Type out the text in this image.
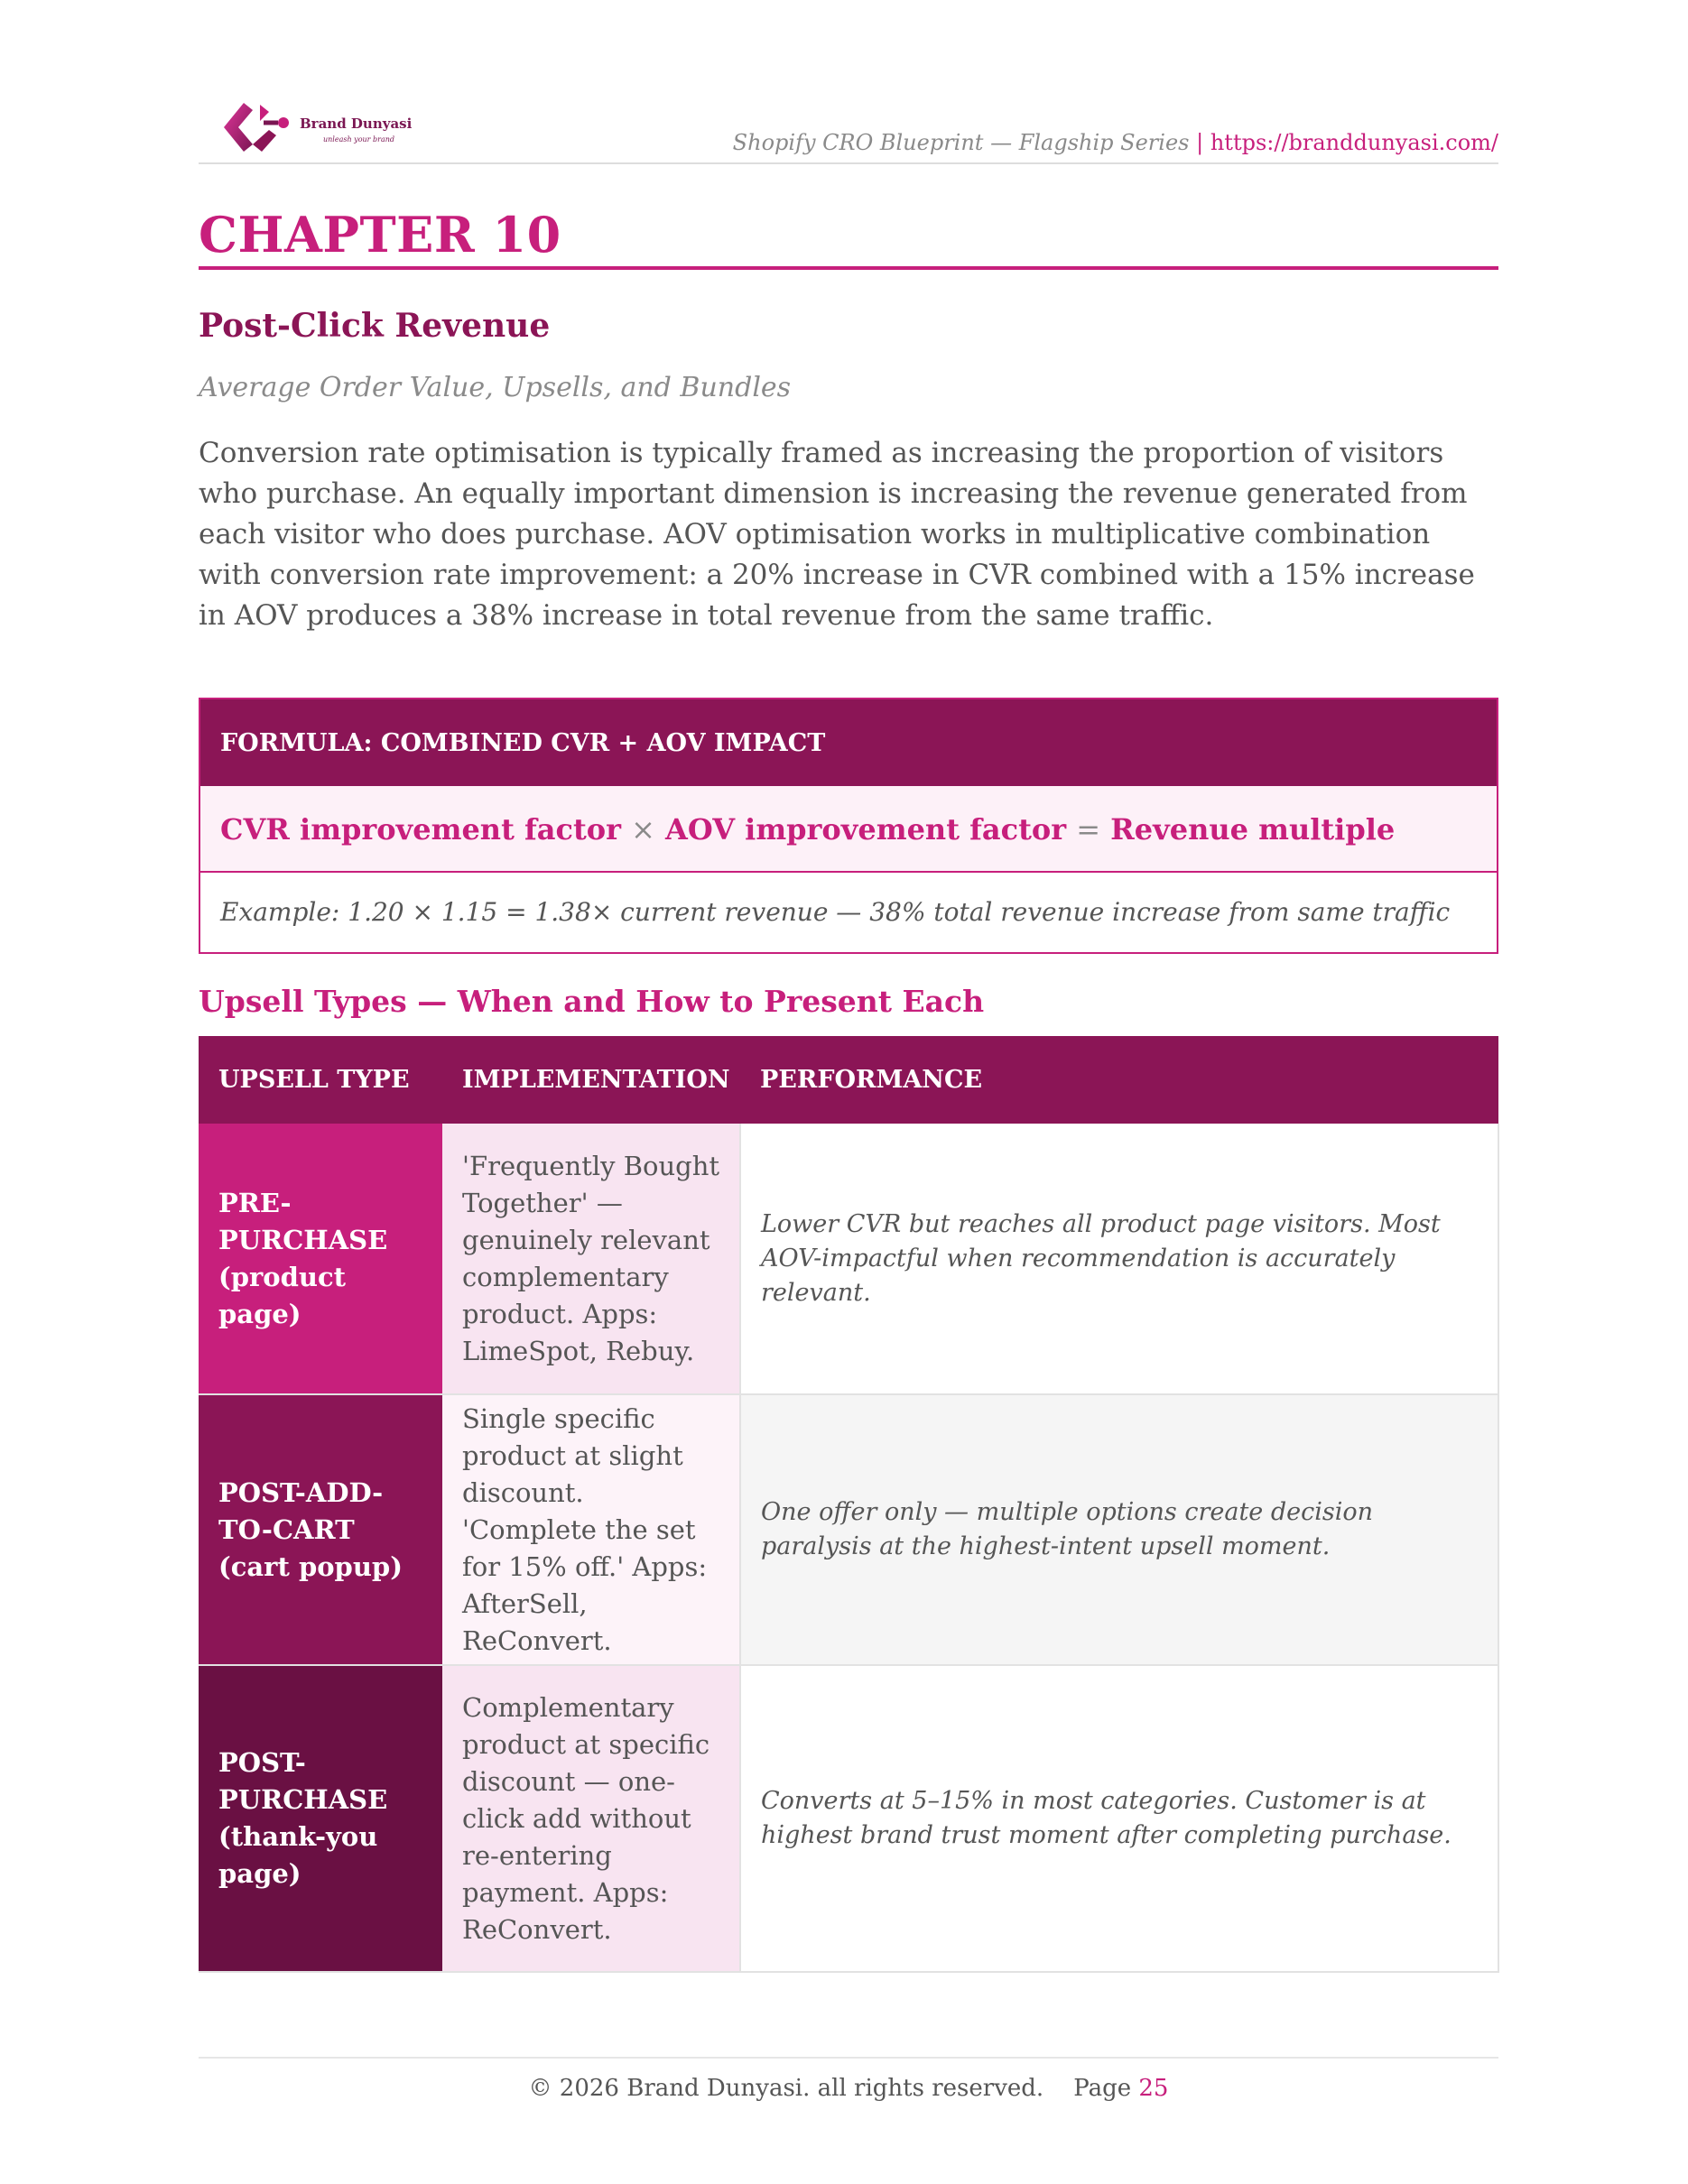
Brand Dunyasi
unleash your brand	Shopify CRO Blueprint — Flagship Series | https://branddunyasi.com/
CHAPTER 10
Post-Click Revenue
Average Order Value, Upsells, and Bundles
Conversion rate optimisation is typically framed as increasing the proportion of visitors who purchase. An equally important dimension is increasing the revenue generated from each visitor who does purchase. AOV optimisation works in multiplicative combination with conversion rate improvement: a 20% increase in CVR combined with a 15% increase in AOV produces a 38% increase in total revenue from the same traffic.
FORMULA: COMBINED CVR + AOV IMPACT
CVR improvement factor × AOV improvement factor = Revenue multiple
Example: 1.20 × 1.15 = 1.38× current revenue — 38% total revenue increase from same traffic
Upsell Types — When and How to Present Each
UPSELL TYPE	IMPLEMENTATION	PERFORMANCE
PRE-PURCHASE (product page)	'Frequently Bought Together' — genuinely relevant complementary product. Apps: LimeSpot, Rebuy.	Lower CVR but reaches all product page visitors. Most AOV-impactful when recommendation is accurately relevant.
POST-ADD-TO-CART (cart popup)	Single specific product at slight discount. 'Complete the set for 15% off.' Apps: AfterSell, ReConvert.	One offer only — multiple options create decision paralysis at the highest-intent upsell moment.
POST-PURCHASE (thank-you page)	Complementary product at specific discount — one-click add without re-entering payment. Apps: ReConvert.	Converts at 5–15% in most categories. Customer is at highest brand trust moment after completing purchase.
© 2026 Brand Dunyasi. all rights reserved. Page 25
